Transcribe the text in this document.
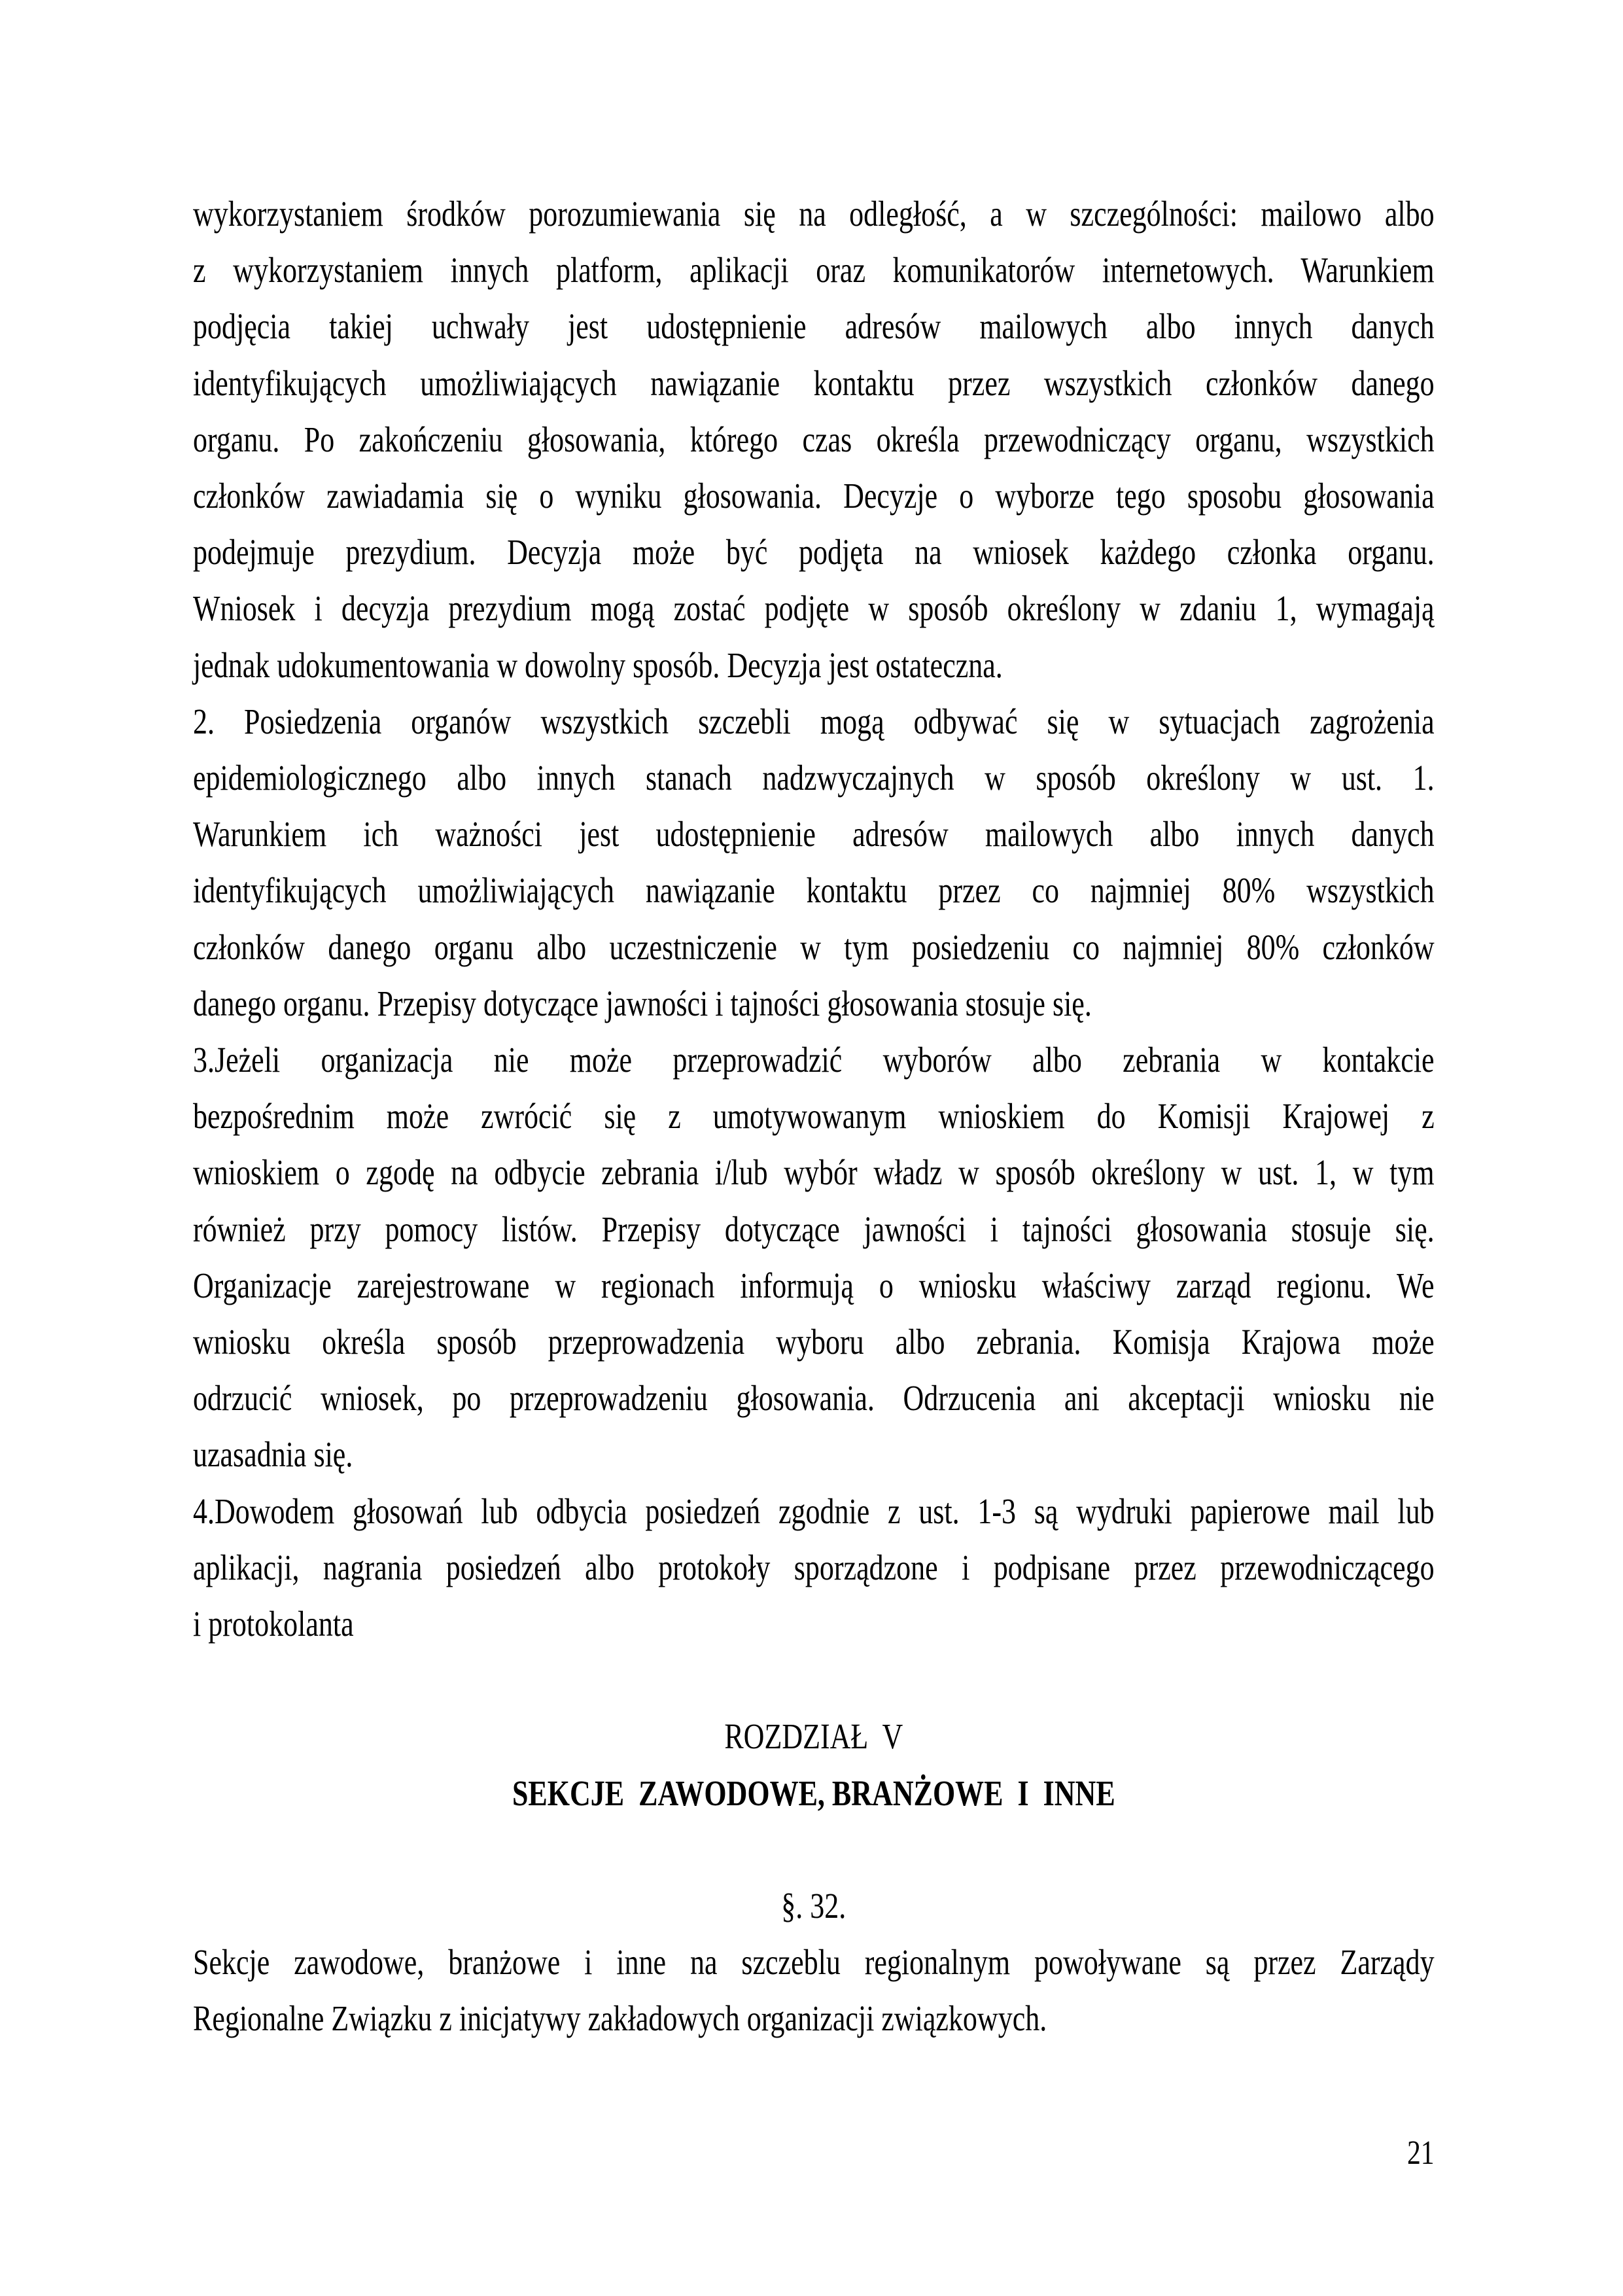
wykorzystaniem środków porozumiewania się na odległość, a w szczególności: mailowo albo
z wykorzystaniem innych platform, aplikacji oraz komunikatorów internetowych. Warunkiem
podjęcia takiej uchwały jest udostępnienie adresów mailowych albo innych danych
identyfikujących umożliwiających nawiązanie kontaktu przez wszystkich członków danego
organu. Po zakończeniu głosowania, którego czas określa przewodniczący organu, wszystkich
członków zawiadamia się o wyniku głosowania. Decyzje o wyborze tego sposobu głosowania
podejmuje prezydium. Decyzja może być podjęta na wniosek każdego członka organu.
Wniosek i decyzja prezydium mogą zostać podjęte w sposób określony w zdaniu 1, wymagają
jednak udokumentowania w dowolny sposób. Decyzja jest ostateczna.

2. Posiedzenia organów wszystkich szczebli mogą odbywać się w sytuacjach zagrożenia
epidemiologicznego albo innych stanach nadzwyczajnych w sposób określony w ust. 1.
Warunkiem ich ważności jest udostępnienie adresów mailowych albo innych danych
identyfikujących umożliwiających nawiązanie kontaktu przez co najmniej 80% wszystkich
członków danego organu albo uczestniczenie w tym posiedzeniu co najmniej 80% członków
danego organu. Przepisy dotyczące jawności i tajności głosowania stosuje się.

3.Jeżeli organizacja nie może przeprowadzić wyborów albo zebrania w kontakcie
bezpośrednim może zwrócić się z umotywowanym wnioskiem do Komisji Krajowej z
wnioskiem o zgodę na odbycie zebrania i/lub wybór władz w sposób określony w ust. 1, w tym
również przy pomocy listów. Przepisy dotyczące jawności i tajności głosowania stosuje się.
Organizacje zarejestrowane w regionach informują o wniosku właściwy zarząd regionu. We
wniosku określa sposób przeprowadzenia wyboru albo zebrania. Komisja Krajowa może
odrzucić wniosek, po przeprowadzeniu głosowania. Odrzucenia ani akceptacji wniosku nie
uzasadnia się.

4.Dowodem głosowań lub odbycia posiedzeń zgodnie z ust. 1-3 są wydruki papierowe mail lub
aplikacji, nagrania posiedzeń albo protokoły sporządzone i podpisane przez przewodniczącego
i protokolanta

ROZDZIAŁ  V
SEKCJE  ZAWODOWE, BRANŻOWE  I  INNE
§. 32.

Sekcje zawodowe, branżowe i inne na szczeblu regionalnym powoływane są przez Zarządy
Regionalne Związku z inicjatywy zakładowych organizacji związkowych.

21
